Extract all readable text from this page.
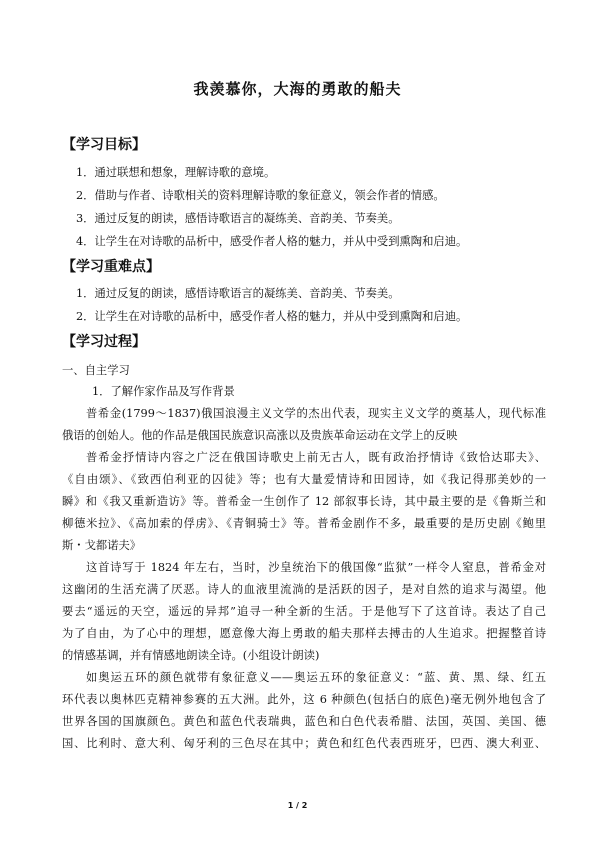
我羡慕你，大海的勇敢的船夫
【学习目标】
1．通过联想和想象，理解诗歌的意境。
2．借助与作者、诗歌相关的资料理解诗歌的象征意义，领会作者的情感。
3．通过反复的朗读，感悟诗歌语言的凝练美、音韵美、节奏美。
4．让学生在对诗歌的品析中，感受作者人格的魅力，并从中受到熏陶和启迪。
【学习重难点】
1．通过反复的朗读，感悟诗歌语言的凝练美、音韵美、节奏美。
2．让学生在对诗歌的品析中，感受作者人格的魅力，并从中受到熏陶和启迪。
【学习过程】
一、自主学习
1．了解作家作品及写作背景
普希金(1799～1837)俄国浪漫主义文学的杰出代表，现实主义文学的奠基人，现代标准
俄语的创始人。他的作品是俄国民族意识高涨以及贵族革命运动在文学上的反映
普希金抒情诗内容之广泛在俄国诗歌史上前无古人，既有政治抒情诗《致恰达耶夫》、
《自由颂》、《致西伯利亚的囚徒》等；也有大量爱情诗和田园诗，如《我记得那美妙的一
瞬》和《我又重新造访》等。普希金一生创作了 12 部叙事长诗，其中最主要的是《鲁斯兰和
柳德米拉》、《高加索的俘虏》、《青铜骑士》等。普希金剧作不多，最重要的是历史剧《鲍里
斯・戈都诺夫》
这首诗写于 1824 年左右，当时，沙皇统治下的俄国像“监狱”一样令人窒息，普希金对
这幽闭的生活充满了厌恶。诗人的血液里流淌的是活跃的因子，是对自然的追求与渴望。他
要去“遥远的天空，遥远的异邦”追寻一种全新的生活。于是他写下了这首诗。表达了自己
为了自由，为了心中的理想，愿意像大海上勇敢的船夫那样去搏击的人生追求。把握整首诗
的情感基调，并有情感地朗读全诗。(小组设计朗读)
如奥运五环的颜色就带有象征意义——奥运五环的象征意义：“蓝、黄、黑、绿、红五
环代表以奥林匹克精神参赛的五大洲。此外，这 6 种颜色(包括白的底色)毫无例外地包含了
世界各国的国旗颜色。黄色和蓝色代表瑞典，蓝色和白色代表希腊、法国，英国、美国、德
国、比利时、意大利、匈牙利的三色尽在其中；黄色和红色代表西班牙，巴西、澳大利亚、
1 / 2
